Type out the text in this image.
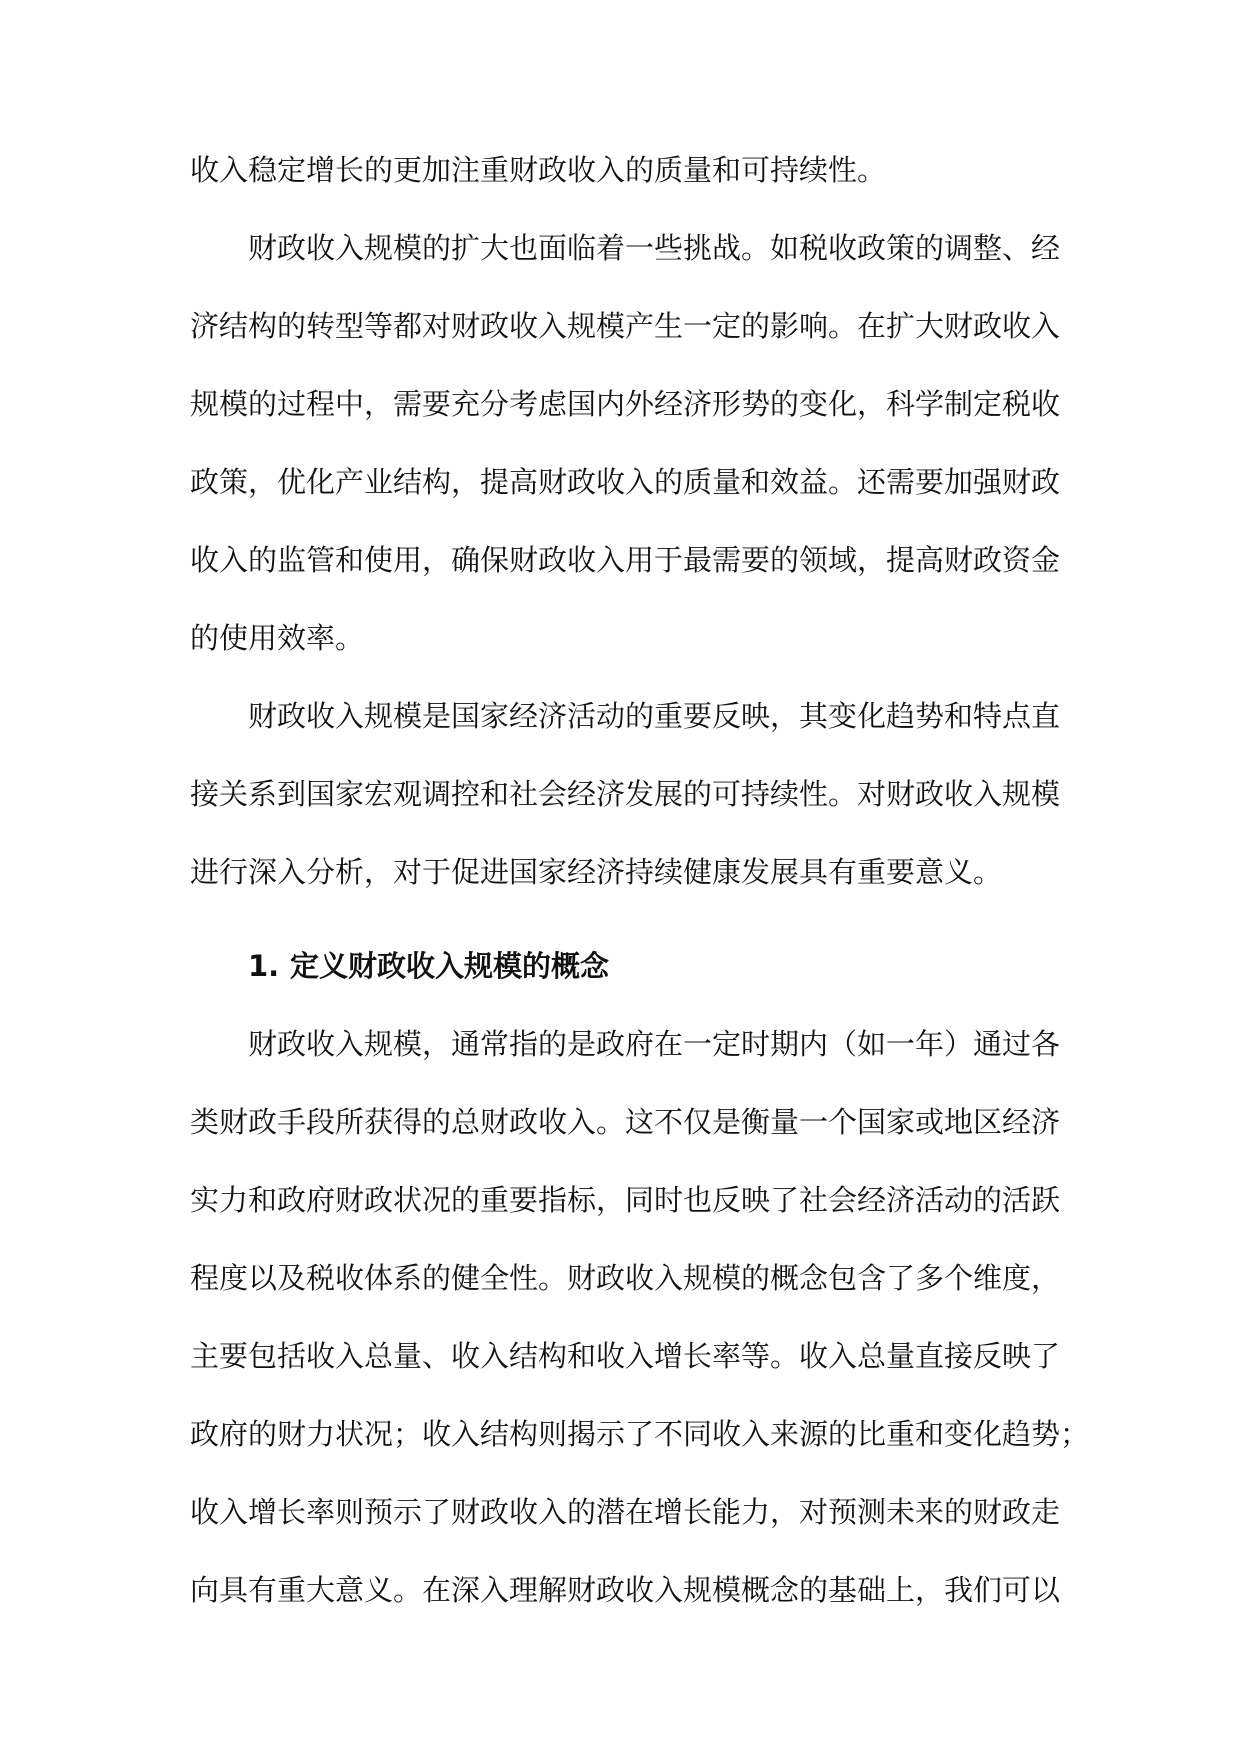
收入稳定增长的更加注重财政收入的质量和可持续性。
财政收入规模的扩大也面临着一些挑战。如税收政策的调整、经
济结构的转型等都对财政收入规模产生一定的影响。在扩大财政收入
规模的过程中，需要充分考虑国内外经济形势的变化，科学制定税收
政策，优化产业结构，提高财政收入的质量和效益。还需要加强财政
收入的监管和使用，确保财政收入用于最需要的领域，提高财政资金
的使用效率。
财政收入规模是国家经济活动的重要反映，其变化趋势和特点直
接关系到国家宏观调控和社会经济发展的可持续性。对财政收入规模
进行深入分析，对于促进国家经济持续健康发展具有重要意义。
1. 定义财政收入规模的概念
财政收入规模，通常指的是政府在一定时期内（如一年）通过各
类财政手段所获得的总财政收入。这不仅是衡量一个国家或地区经济
实力和政府财政状况的重要指标，同时也反映了社会经济活动的活跃
程度以及税收体系的健全性。财政收入规模的概念包含了多个维度，
主要包括收入总量、收入结构和收入增长率等。收入总量直接反映了
政府的财力状况；收入结构则揭示了不同收入来源的比重和变化趋势；
收入增长率则预示了财政收入的潜在增长能力，对预测未来的财政走
向具有重大意义。在深入理解财政收入规模概念的基础上，我们可以
